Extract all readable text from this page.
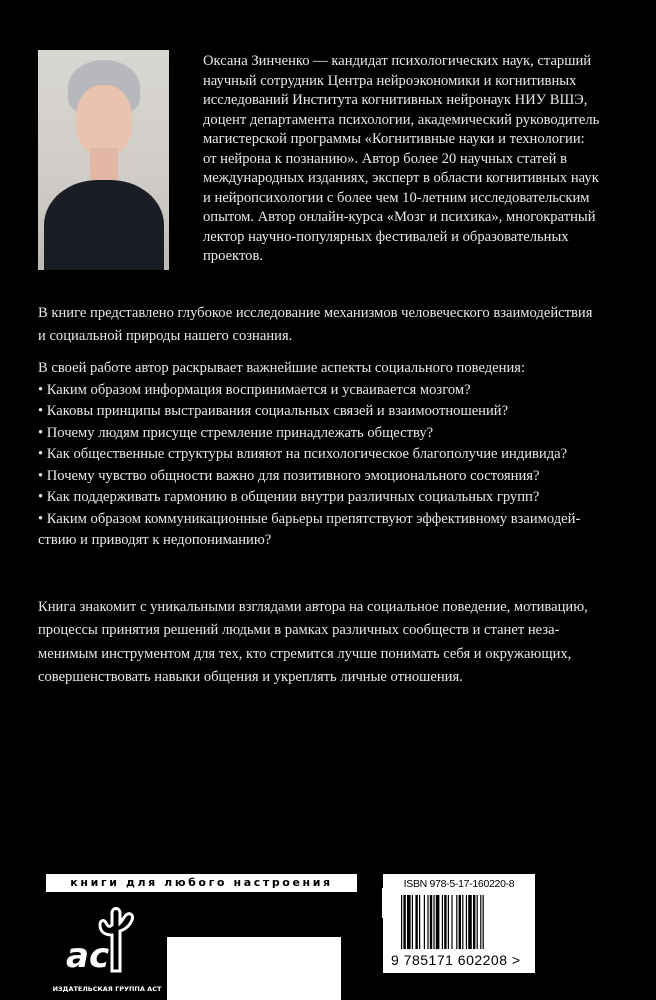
Оксана Зинченко — кандидат психологических наук, старший
научный сотрудник Центра нейроэкономики и когнитивных
исследований Института когнитивных нейронаук НИУ ВШЭ,
доцент департамента психологии, академический руководитель
магистерской программы «Когнитивные науки и технологии:
от нейрона к познанию». Автор более 20 научных статей в
международных изданиях, эксперт в области когнитивных наук
и нейропсихологии с более чем 10-летним исследовательским
опытом. Автор онлайн-курса «Мозг и психика», многократный
лектор научно-популярных фестивалей и образовательных
проектов.
В книге представлено глубокое исследование механизмов человеческого взаимодействия
и социальной природы нашего сознания.
В своей работе автор раскрывает важнейшие аспекты социального поведения:
• Каким образом информация воспринимается и усваивается мозгом?
• Каковы принципы выстраивания социальных связей и взаимоотношений?
• Почему людям присуще стремление принадлежать обществу?
• Как общественные структуры влияют на психологическое благополучие индивида?
• Почему чувство общности важно для позитивного эмоционального состояния?
• Как поддерживать гармонию в общении внутри различных социальных групп?
• Каким образом коммуникационные барьеры препятствуют эффективному взаимодей-
ствию и приводят к недопониманию?
Книга знакомит с уникальными взглядами автора на социальное поведение, мотивацию,
процессы принятия решений людьми в рамках различных сообществ и станет неза-
менимым инструментом для тех, кто стремится лучше понимать себя и окружающих,
совершенствовать навыки общения и укреплять личные отношения.
книги для любого настроения здесь
ac
ИЗДАТЕЛЬСКАЯ ГРУППА АСТ
ISBN 978-5-17-160220-8
9 785171 602208 >
